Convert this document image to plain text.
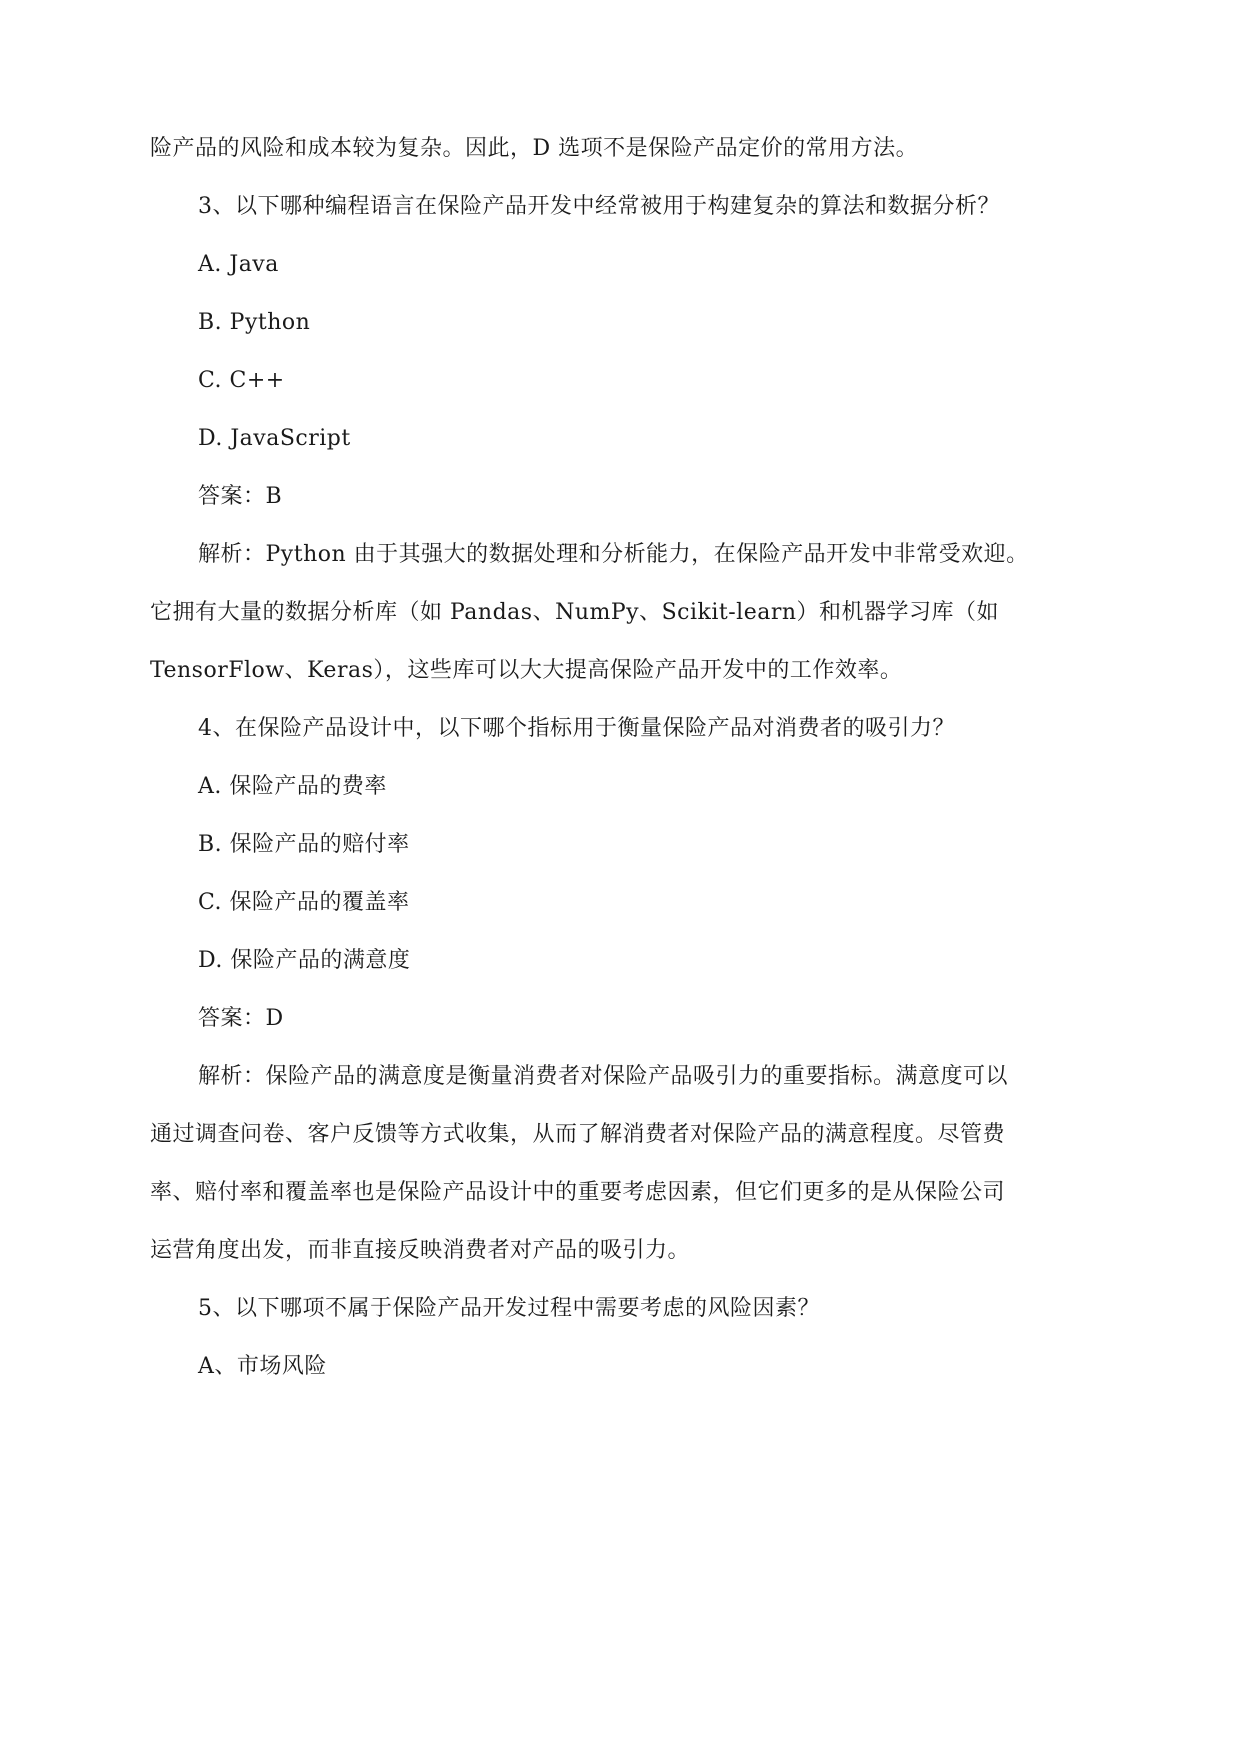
险产品的风险和成本较为复杂。因此，D 选项不是保险产品定价的常用方法。
3、以下哪种编程语言在保险产品开发中经常被用于构建复杂的算法和数据分析？
A. Java
B. Python
C. C++
D. JavaScript
答案：B
解析：Python 由于其强大的数据处理和分析能力，在保险产品开发中非常受欢迎。
它拥有大量的数据分析库（如 Pandas、NumPy、Scikit-learn）和机器学习库（如
TensorFlow、Keras），这些库可以大大提高保险产品开发中的工作效率。
4、在保险产品设计中，以下哪个指标用于衡量保险产品对消费者的吸引力？
A. 保险产品的费率
B. 保险产品的赔付率
C. 保险产品的覆盖率
D. 保险产品的满意度
答案：D
解析：保险产品的满意度是衡量消费者对保险产品吸引力的重要指标。满意度可以
通过调查问卷、客户反馈等方式收集，从而了解消费者对保险产品的满意程度。尽管费
率、赔付率和覆盖率也是保险产品设计中的重要考虑因素，但它们更多的是从保险公司
运营角度出发，而非直接反映消费者对产品的吸引力。
5、以下哪项不属于保险产品开发过程中需要考虑的风险因素？
A、市场风险
